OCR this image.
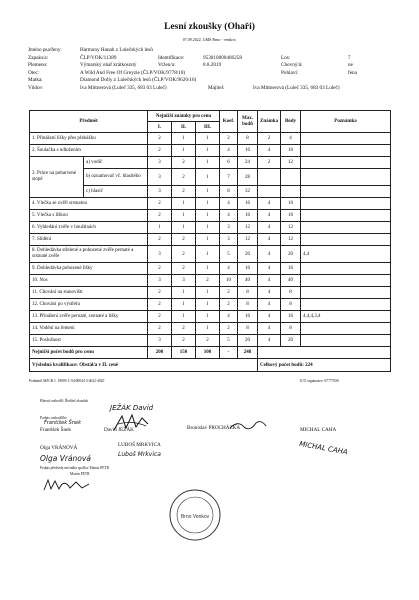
Lesní zkoušky (Ohaři)
07.09.2022, GMS Brno - venkov,
Jméno psa/feny:	Harmony Hanah z Lulečských lesů
Zapsán/a:	ČLP/VOK/11389	Identifikace:	953010000466258	Los:	7
Plemeno:	Výmarský ohař krátkosrstý	Vržen/a:	8.8.2019	Chovný/á:	ne
Otec:	A Wild And Free Of Greyzie (ČLP/VOK/9778/18)	Pohlaví:	fena
Matka:	Diamond Dolly z Lulečských lesů (ČLP/VOK/9626/16)
Vůdce:	Iva Mittnerová (Luleč 335, 683 03 Luleč)	Majitel:	Iva Mittnerová (Luleč 335, 683 03 Luleč)
Předmět		Nejnižší známky pro cenu			Koef.	Max. bodů	Známka	Body	Poznámka
		I.	II.	III.					
1. Přinášení lišky přes překážku		2	1	1	2	8	2	4	
2. Šoulačka s odložením		2	1	1	4	16	4	16	
3. Práce na pobarvené stopě	a) vodič	3	2	1	6	24	2	12	
	b) oznamovač vč. hlasitého	3	2	1	7	28			
	c) hlasič	3	2	1	8	32			
4. Vlečka se zvěří srstnatou		2	1	1	4	16	4	16	
5. Vlečka s liškou		2	1	1	4	16	4	16	
6. Vyhledání zvěře v houštinách		1	1	1	3	12	4	12	
7. Slídění		2	2	1	3	12	4	12	
8. Dohledávka střelené a pohozené zvěře pernaté a srstnaté zvěře		3	2	1	5	20	4	20	4,4
9. Dohledávka pohozené lišky		2	2	1	4	16	4	16	
10. Nos		3	3	2	10	40	4	40	
11. Chování na stanovišti		2	1	1	2	8	4	8	
12. Chování po výstřelu		2	1	1	2	8	4	8	
13. Přinášení zvěře pernaté, srstnaté a lišky		2	1	1	4	16	4	16	4,4,4,3,4
14. Vodění na řemeni		2	2	1	2	8	4	8	
15. Poslušnost		3	2	2	5	20	4	20	
Nejnižší počet bodů pro cenu		200	150	100	-	248			
Výsledná kvalifikace: Obstál/a v II. ceně							Celkový počet bodů: 224		
Podmínil MZCR č. 18089 1/ 04/0004/13-4022-4020	ICO organizace: 67777656
Hlavní rozhodčí: Ředitel zkoušek
JEŽÁK David
Podpis rozhodčího
František Šnek
František Šnek	David JEŽÁK	Bronislav PROCHÁZKA	MICHAL CAHA
MICHAL CAHA
Olga VRÁNOVÁ
Olga Vránová
LUBOŠ MRKVICA
Luboš Mrkvica
Podpis předsedy místního spolku: Martin PETR
Martin PETR
Brno Venkov
